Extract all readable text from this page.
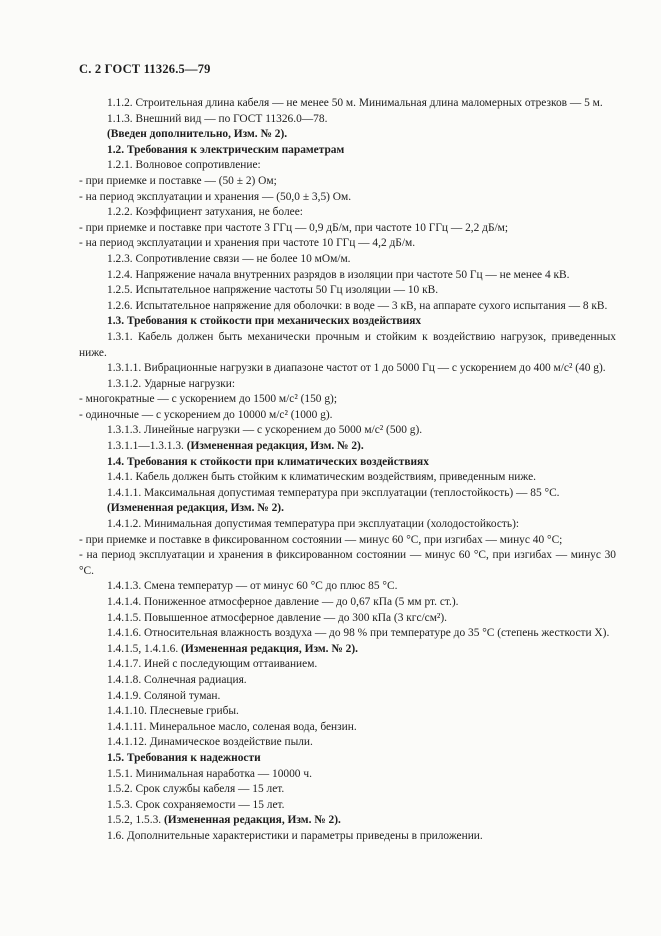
С. 2 ГОСТ 11326.5—79

1.1.2. Строительная длина кабеля — не менее 50 м. Минимальная длина маломерных отрезков — 5 м.

1.1.3. Внешний вид — по ГОСТ 11326.0—78.

(Введен дополнительно, Изм. № 2).

1.2. Требования к электрическим параметрам

1.2.1. Волновое сопротивление:

- при приемке и поставке — (50 ± 2) Ом;

- на период эксплуатации и хранения — (50,0 ± 3,5) Ом.

1.2.2. Коэффициент затухания, не более:

- при приемке и поставке при частоте 3 ГГц — 0,9 дБ/м, при частоте 10 ГГц — 2,2 дБ/м;

- на период эксплуатации и хранения при частоте 10 ГГц — 4,2 дБ/м.

1.2.3. Сопротивление связи — не более 10 мОм/м.

1.2.4. Напряжение начала внутренних разрядов в изоляции при частоте 50 Гц — не менее 4 кВ.

1.2.5. Испытательное напряжение частоты 50 Гц изоляции — 10 кВ.

1.2.6. Испытательное напряжение для оболочки: в воде — 3 кВ, на аппарате сухого испытания — 8 кВ.

1.3. Требования к стойкости при механических воздействиях

1.3.1. Кабель должен быть механически прочным и стойким к воздействию нагрузок, приведенных ниже.

1.3.1.1. Вибрационные нагрузки в диапазоне частот от 1 до 5000 Гц — с ускорением до 400 м/с² (40 g).

1.3.1.2. Ударные нагрузки:

- многократные — с ускорением до 1500 м/с² (150 g);

- одиночные — с ускорением до 10000 м/с² (1000 g).

1.3.1.3. Линейные нагрузки — с ускорением до 5000 м/с² (500 g).

1.3.1.1—1.3.1.3. (Измененная редакция, Изм. № 2).

1.4. Требования к стойкости при климатических воздействиях

1.4.1. Кабель должен быть стойким к климатическим воздействиям, приведенным ниже.

1.4.1.1. Максимальная допустимая температура при эксплуатации (теплостойкость) — 85 °С.

(Измененная редакция, Изм. № 2).

1.4.1.2. Минимальная допустимая температура при эксплуатации (холодостойкость):

- при приемке и поставке в фиксированном состоянии — минус 60 °С, при изгибах — минус 40 °С;

- на период эксплуатации и хранения в фиксированном состоянии — минус 60 °С, при изгибах — минус 30 °С.

1.4.1.3. Смена температур — от минус 60 °С до плюс 85 °С.

1.4.1.4. Пониженное атмосферное давление — до 0,67 кПа (5 мм рт. ст.).

1.4.1.5. Повышенное атмосферное давление — до 300 кПа (3 кгс/см²).

1.4.1.6. Относительная влажность воздуха — до 98 % при температуре до 35 °С (степень жесткости X).

1.4.1.5, 1.4.1.6. (Измененная редакция, Изм. № 2).

1.4.1.7. Иней с последующим оттаиванием.

1.4.1.8. Солнечная радиация.

1.4.1.9. Соляной туман.

1.4.1.10. Плесневые грибы.

1.4.1.11. Минеральное масло, соленая вода, бензин.

1.4.1.12. Динамическое воздействие пыли.

1.5. Требования к надежности

1.5.1. Минимальная наработка — 10000 ч.

1.5.2. Срок службы кабеля — 15 лет.

1.5.3. Срок сохраняемости — 15 лет.

1.5.2, 1.5.3. (Измененная редакция, Изм. № 2).

1.6. Дополнительные характеристики и параметры приведены в приложении.
